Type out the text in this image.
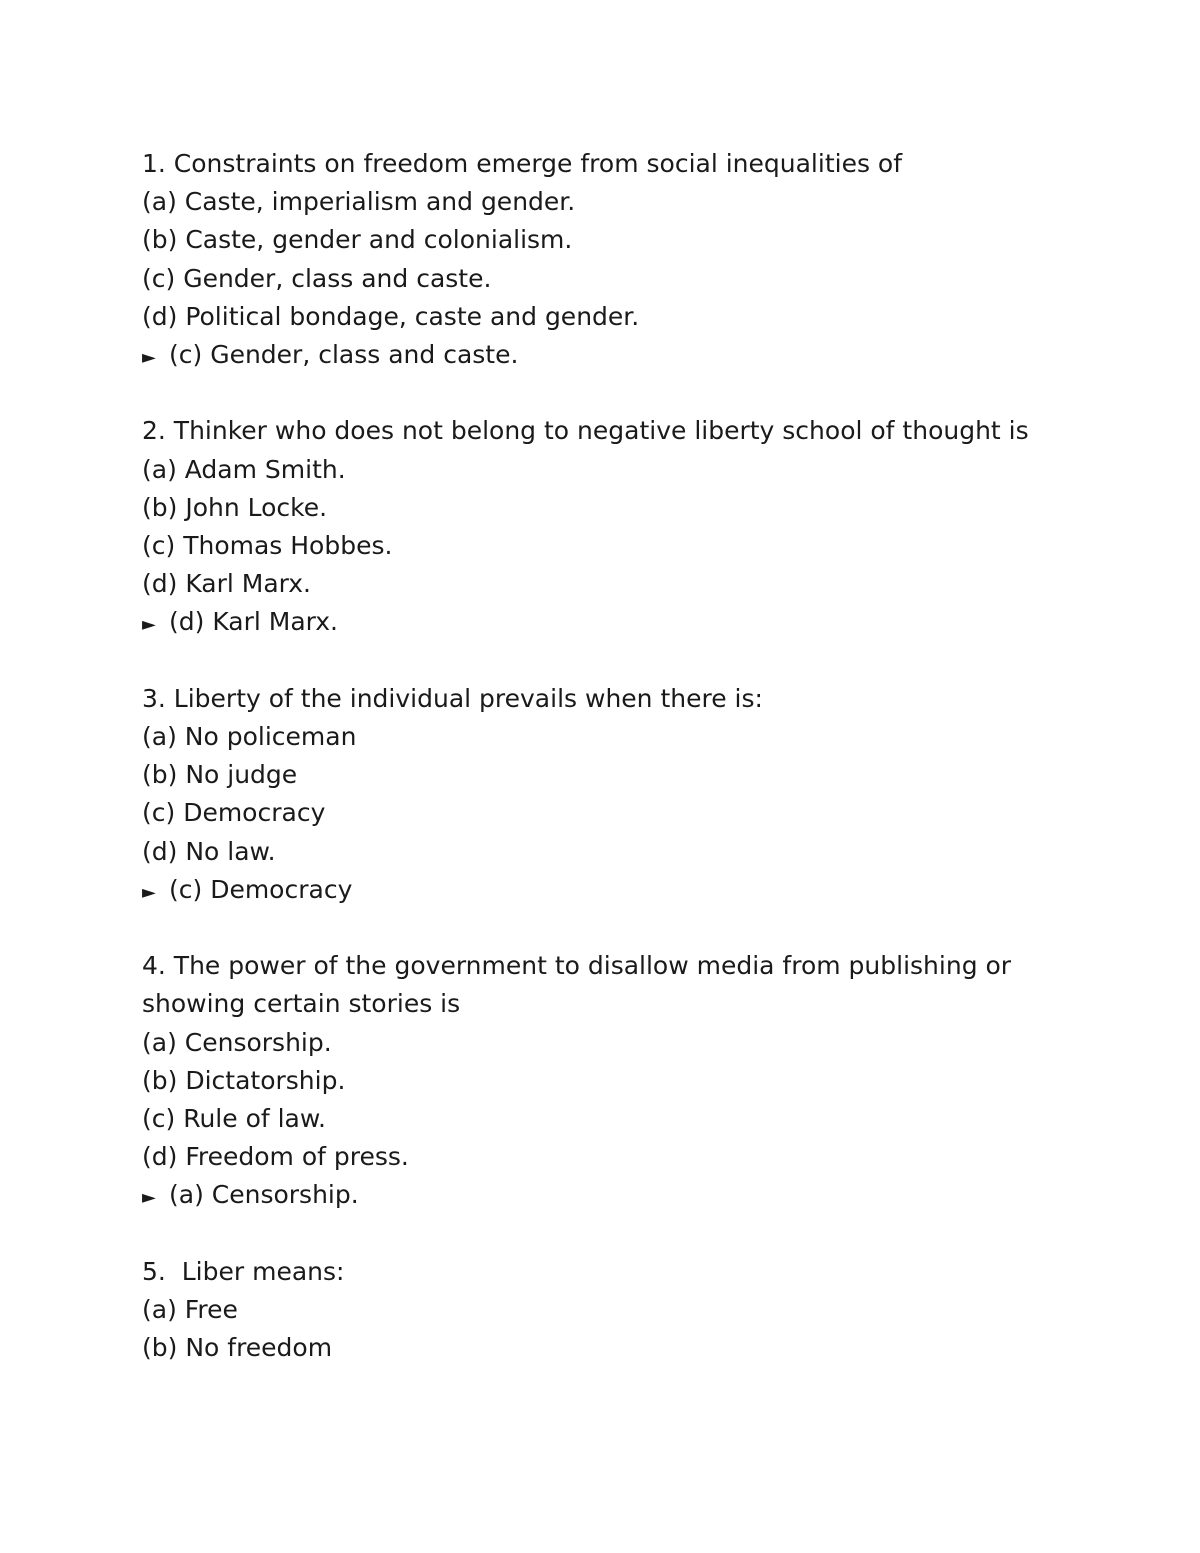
1. Constraints on freedom emerge from social inequalities of
(a) Caste, imperialism and gender.
(b) Caste, gender and colonialism.
(c) Gender, class and caste.
(d) Political bondage, caste and gender.
► (c) Gender, class and caste.
2. Thinker who does not belong to negative liberty school of thought is
(a) Adam Smith.
(b) John Locke.
(c) Thomas Hobbes.
(d) Karl Marx.
► (d) Karl Marx.
3. Liberty of the individual prevails when there is:
(a) No policeman
(b) No judge
(c) Democracy
(d) No law.
► (c) Democracy
4. The power of the government to disallow media from publishing or showing certain stories is
(a) Censorship.
(b) Dictatorship.
(c) Rule of law.
(d) Freedom of press.
► (a) Censorship.
5.  Liber means:
(a) Free
(b) No freedom
